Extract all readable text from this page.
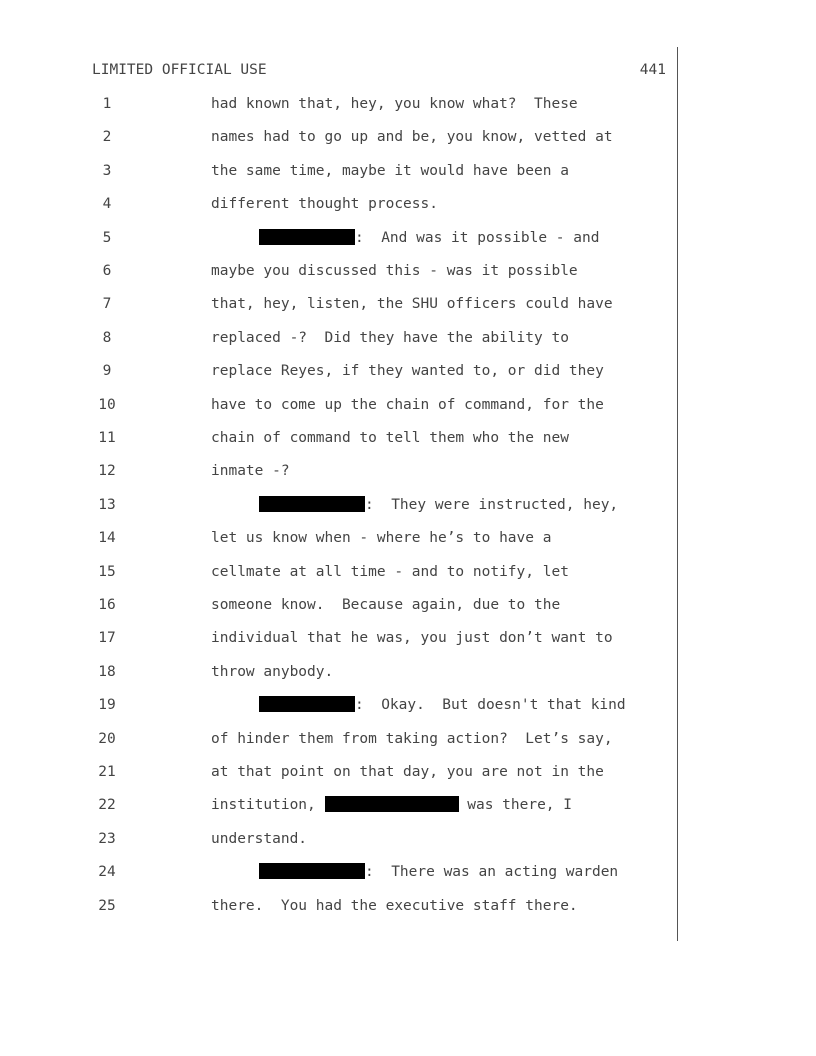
LIMITED OFFICIAL USE	441
1	had known that, hey, you know what?  These
2	names had to go up and be, you know, vetted at
3	the same time, maybe it would have been a
4	different thought process.
5	:  And was it possible - and
6	maybe you discussed this - was it possible
7	that, hey, listen, the SHU officers could have
8	replaced -?  Did they have the ability to
9	replace Reyes, if they wanted to, or did they
10	have to come up the chain of command, for the
11	chain of command to tell them who the new
12	inmate -?
13	:  They were instructed, hey,
14	let us know when - where he’s to have a
15	cellmate at all time - and to notify, let
16	someone know.  Because again, due to the
17	individual that he was, you just don’t want to
18	throw anybody.
19	:  Okay.  But doesn't that kind
20	of hinder them from taking action?  Let’s say,
21	at that point on that day, you are not in the
22	institution,	was there, I
23	understand.
24	:  There was an acting warden
25	there.  You had the executive staff there.
